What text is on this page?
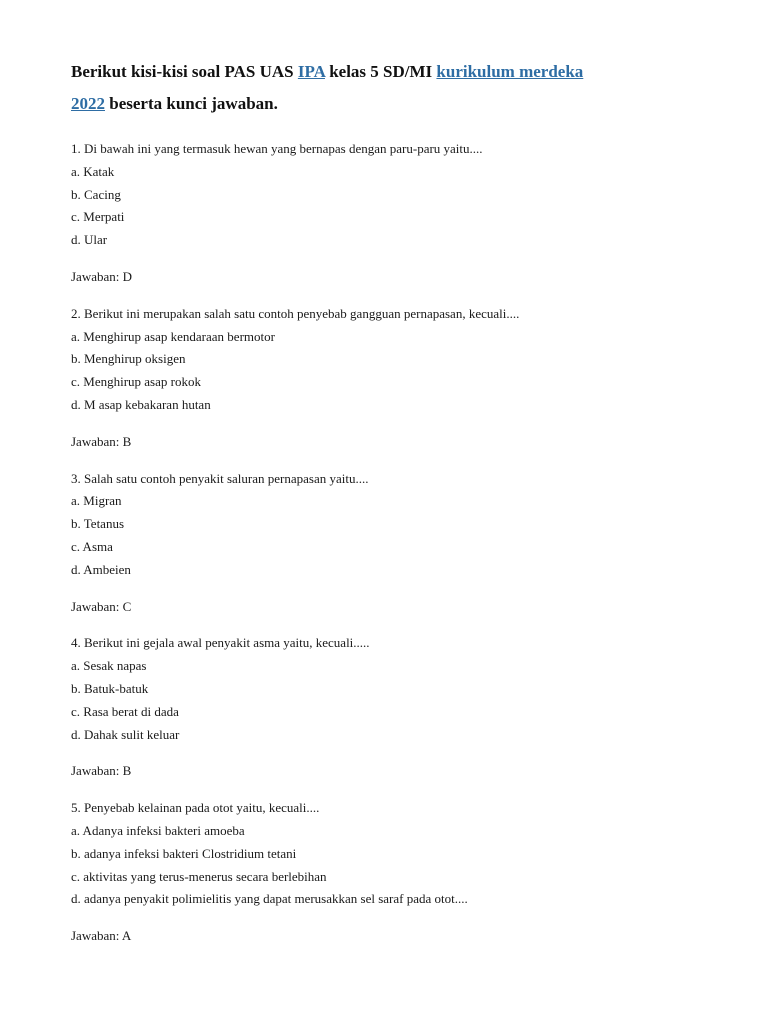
Berikut kisi-kisi soal PAS UAS IPA kelas 5 SD/MI kurikulum merdeka
2022 beserta kunci jawaban.

1. Di bawah ini yang termasuk hewan yang bernapas dengan paru-paru yaitu....

a. Katak

b. Cacing

c. Merpati

d. Ular

Jawaban: D

2. Berikut ini merupakan salah satu contoh penyebab gangguan pernapasan, kecuali....

a. Menghirup asap kendaraan bermotor

b. Menghirup oksigen

c. Menghirup asap rokok

d. M asap kebakaran hutan

Jawaban: B

3. Salah satu contoh penyakit saluran pernapasan yaitu....

a. Migran

b. Tetanus

c. Asma

d. Ambeien

Jawaban: C

4. Berikut ini gejala awal penyakit asma yaitu, kecuali.....

a. Sesak napas

b. Batuk-batuk

c. Rasa berat di dada

d. Dahak sulit keluar

Jawaban: B

5. Penyebab kelainan pada otot yaitu, kecuali....

a. Adanya infeksi bakteri amoeba

b. adanya infeksi bakteri Clostridium tetani

c. aktivitas yang terus-menerus secara berlebihan

d. adanya penyakit polimielitis yang dapat merusakkan sel saraf pada otot....

Jawaban: A
